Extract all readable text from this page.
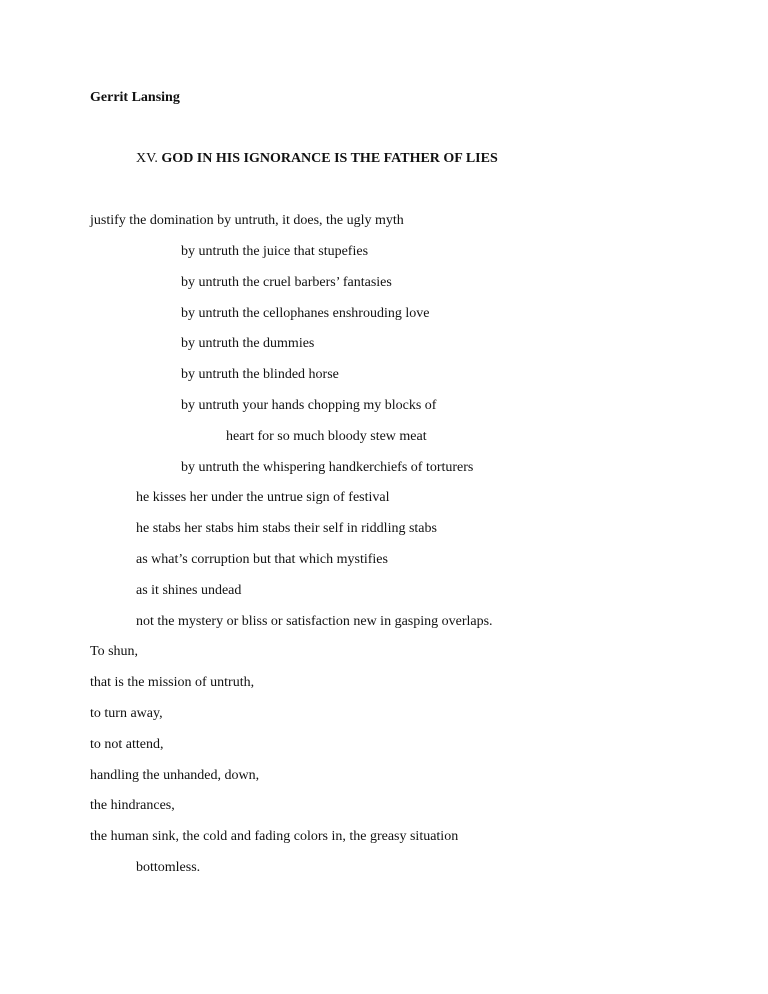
Gerrit Lansing
XV. GOD IN HIS IGNORANCE IS THE FATHER OF LIES
justify the domination by untruth, it does, the ugly myth
by untruth the juice that stupefies
by untruth the cruel barbers’ fantasies
by untruth the cellophanes enshrouding love
by untruth the dummies
by untruth the blinded horse
by untruth your hands chopping my blocks of
heart for so much bloody stew meat
by untruth the whispering handkerchiefs of torturers
he kisses her under the untrue sign of festival
he stabs her stabs him stabs their self in riddling stabs
as what’s corruption but that which mystifies
as it shines undead
not the mystery or bliss or satisfaction new in gasping overlaps.
To shun,
that is the mission of untruth,
to turn away,
to not attend,
handling the unhanded, down,
the hindrances,
the human sink, the cold and fading colors in, the greasy situation
bottomless.
